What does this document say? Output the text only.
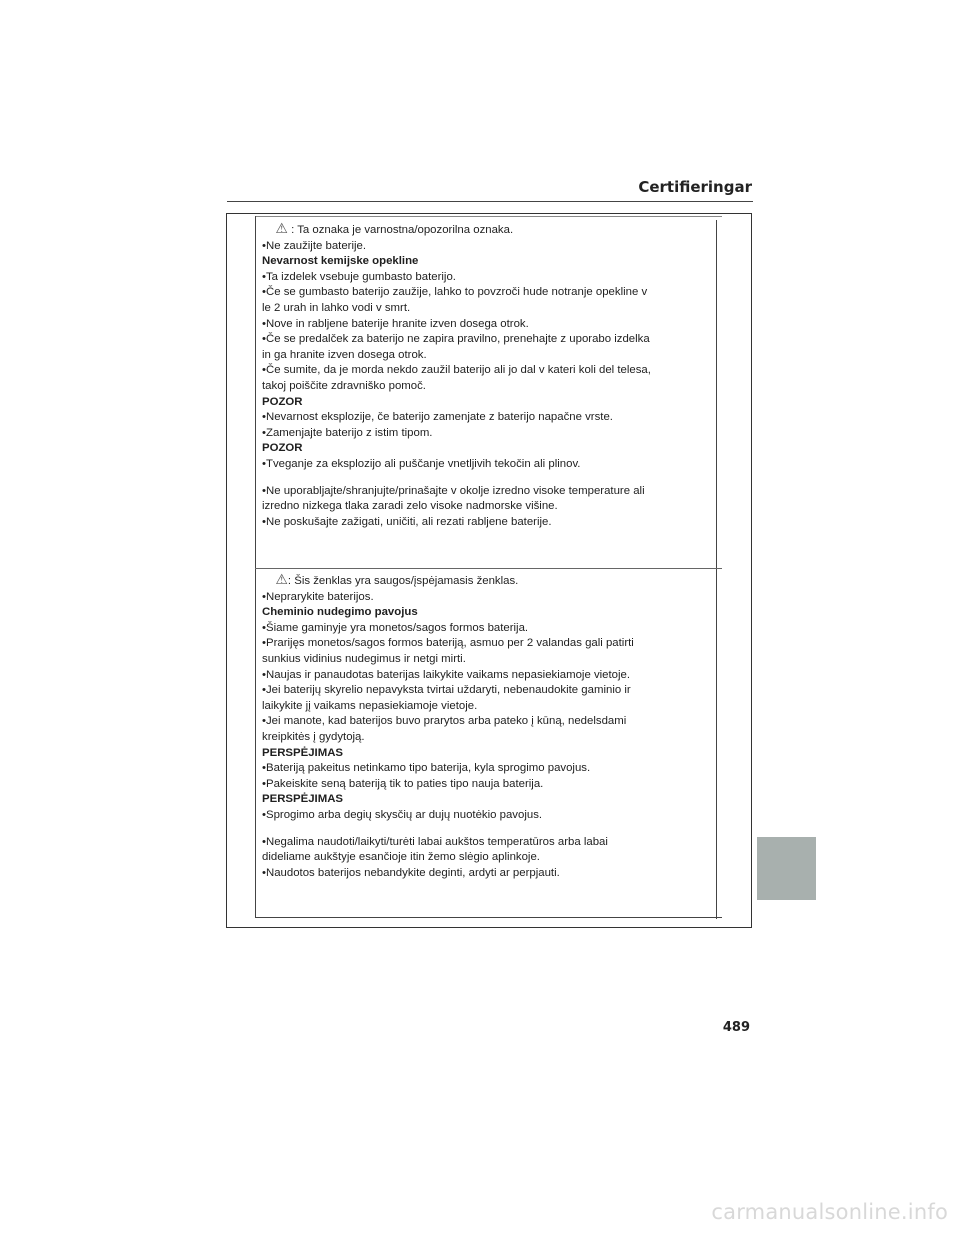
Certifieringar

⚠ : Ta oznaka je varnostna/opozorilna oznaka.

•Ne zaužijte baterije.

Nevarnost kemijske opekline

•Ta izdelek vsebuje gumbasto baterijo.

•Če se gumbasto baterijo zaužije, lahko to povzroči hude notranje opekline v

le 2 urah in lahko vodi v smrt.

•Nove in rabljene baterije hranite izven dosega otrok.

•Če se predalček za baterijo ne zapira pravilno, prenehajte z uporabo izdelka

in ga hranite izven dosega otrok.

•Če sumite, da je morda nekdo zaužil baterijo ali jo dal v kateri koli del telesa,

takoj poiščite zdravniško pomoč.

POZOR

•Nevarnost eksplozije, če baterijo zamenjate z baterijo napačne vrste.

•Zamenjajte baterijo z istim tipom.

POZOR

•Tveganje za eksplozijo ali puščanje vnetljivih tekočin ali plinov.

•Ne uporabljajte/shranjujte/prinašajte v okolje izredno visoke temperature ali

izredno nizkega tlaka zaradi zelo visoke nadmorske višine.

•Ne poskušajte zažigati, uničiti, ali rezati rabljene baterije.

⚠: Šis ženklas yra saugos/įspėjamasis ženklas.

•Neprarykite baterijos.

Cheminio nudegimo pavojus

•Šiame gaminyje yra monetos/sagos formos baterija.

•Prarijęs monetos/sagos formos bateriją, asmuo per 2 valandas gali patirti

sunkius vidinius nudegimus ir netgi mirti.

•Naujas ir panaudotas baterijas laikykite vaikams nepasiekiamoje vietoje.

•Jei baterijų skyrelio nepavyksta tvirtai uždaryti, nebenaudokite gaminio ir

laikykite jį vaikams nepasiekiamoje vietoje.

•Jei manote, kad baterijos buvo prarytos arba pateko į kūną, nedelsdami

kreipkitės į gydytoją.

PERSPĖJIMAS

•Bateriją pakeitus netinkamo tipo baterija, kyla sprogimo pavojus.

•Pakeiskite seną bateriją tik to paties tipo nauja baterija.

PERSPĖJIMAS

•Sprogimo arba degių skysčių ar dujų nuotėkio pavojus.

•Negalima naudoti/laikyti/turėti labai aukštos temperatūros arba labai

dideliame aukštyje esančioje itin žemo slėgio aplinkoje.

•Naudotos baterijos nebandykite deginti, ardyti ar perpjauti.

489
carmanualsonline.info
